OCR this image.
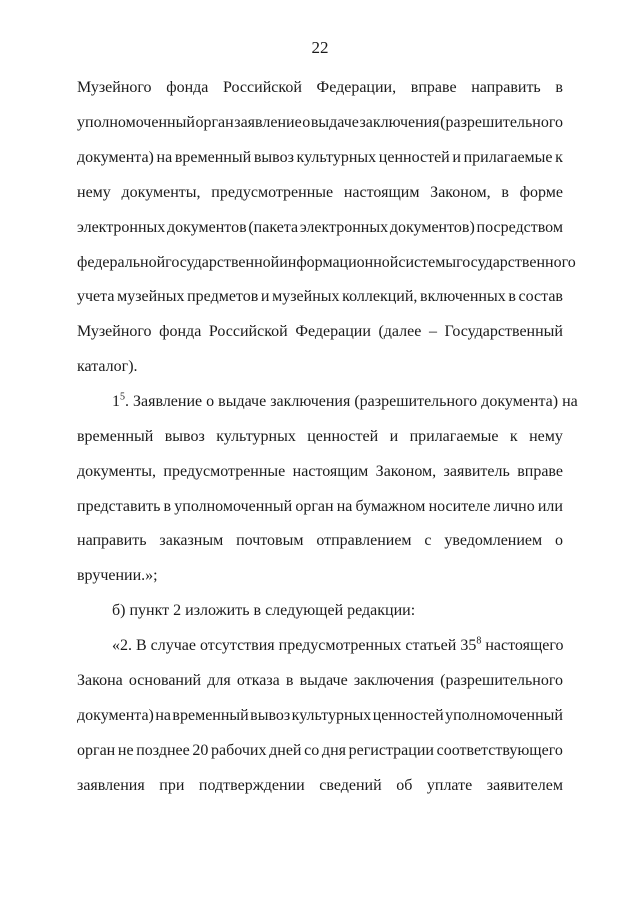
22
Музейного фонда Российской Федерации, вправе направить в
уполномоченный орган заявление о выдаче заключения (разрешительного
документа) на временный вывоз культурных ценностей и прилагаемые к
нему документы, предусмотренные настоящим Законом, в форме
электронных документов (пакета электронных документов) посредством
федеральной государственной информационной системы государственного
учета музейных предметов и музейных коллекций, включенных в состав
Музейного фонда Российской Федерации (далее – Государственный
каталог).
$1^5$. Заявление о выдаче заключения (разрешительного документа) на
временный вывоз культурных ценностей и прилагаемые к нему
документы, предусмотренные настоящим Законом, заявитель вправе
представить в уполномоченный орган на бумажном носителе лично или
направить заказным почтовым отправлением с уведомлением о
вручении.»;
б) пункт 2 изложить в следующей редакции:
«2. В случае отсутствия предусмотренных статьей 35 $^8$ настоящего
Закона оснований для отказа в выдаче заключения (разрешительного
документа) на временный вывоз культурных ценностей уполномоченный
орган не позднее 20 рабочих дней со дня регистрации соответствующего
заявления при подтверждении сведений об уплате заявителем
